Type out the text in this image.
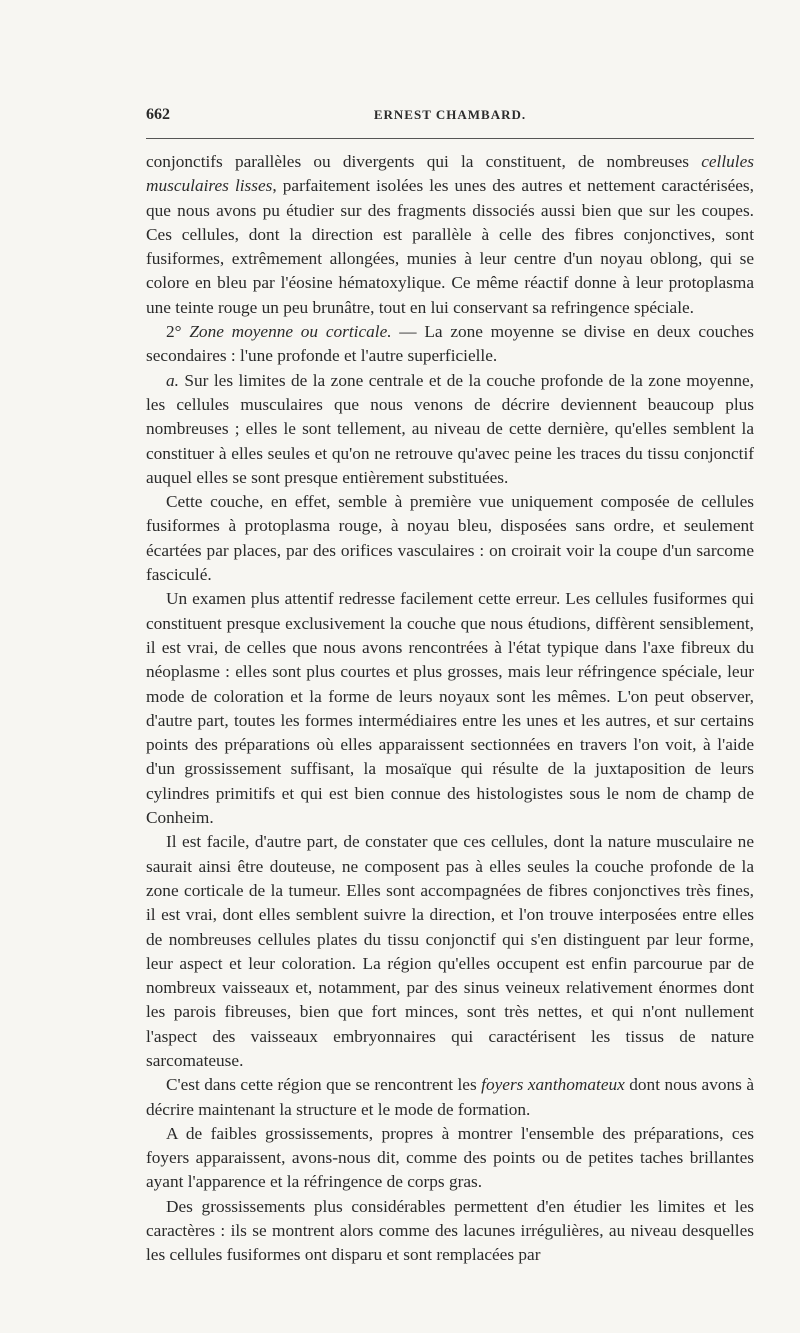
662	ERNEST CHAMBARD.

conjonctifs parallèles ou divergents qui la constituent, de nombreuses cellules musculaires lisses, parfaitement isolées les unes des autres et nettement caractérisées, que nous avons pu étudier sur des fragments dissociés aussi bien que sur les coupes. Ces cellules, dont la direction est parallèle à celle des fibres conjonctives, sont fusiformes, extrêmement allongées, munies à leur centre d'un noyau oblong, qui se colore en bleu par l'éosine hématoxylique. Ce même réactif donne à leur protoplasma une teinte rouge un peu brunâtre, tout en lui conservant sa refringence spéciale.

2° Zone moyenne ou corticale. — La zone moyenne se divise en deux couches secondaires : l'une profonde et l'autre superficielle.

a. Sur les limites de la zone centrale et de la couche profonde de la zone moyenne, les cellules musculaires que nous venons de décrire deviennent beaucoup plus nombreuses ; elles le sont tellement, au niveau de cette dernière, qu'elles semblent la constituer à elles seules et qu'on ne retrouve qu'avec peine les traces du tissu conjonctif auquel elles se sont presque entièrement substituées.

Cette couche, en effet, semble à première vue uniquement composée de cellules fusiformes à protoplasma rouge, à noyau bleu, disposées sans ordre, et seulement écartées par places, par des orifices vasculaires : on croirait voir la coupe d'un sarcome fasciculé.

Un examen plus attentif redresse facilement cette erreur. Les cellules fusiformes qui constituent presque exclusivement la couche que nous étudions, diffèrent sensiblement, il est vrai, de celles que nous avons rencontrées à l'état typique dans l'axe fibreux du néoplasme : elles sont plus courtes et plus grosses, mais leur réfringence spéciale, leur mode de coloration et la forme de leurs noyaux sont les mêmes. L'on peut observer, d'autre part, toutes les formes intermédiaires entre les unes et les autres, et sur certains points des préparations où elles apparaissent sectionnées en travers l'on voit, à l'aide d'un grossissement suffisant, la mosaïque qui résulte de la juxtaposition de leurs cylindres primitifs et qui est bien connue des histologistes sous le nom de champ de Conheim.

Il est facile, d'autre part, de constater que ces cellules, dont la nature musculaire ne saurait ainsi être douteuse, ne composent pas à elles seules la couche profonde de la zone corticale de la tumeur. Elles sont accompagnées de fibres conjonctives très fines, il est vrai, dont elles semblent suivre la direction, et l'on trouve interposées entre elles de nombreuses cellules plates du tissu conjonctif qui s'en distinguent par leur forme, leur aspect et leur coloration. La région qu'elles occupent est enfin parcourue par de nombreux vaisseaux et, notamment, par des sinus veineux relativement énormes dont les parois fibreuses, bien que fort minces, sont très nettes, et qui n'ont nullement l'aspect des vaisseaux embryonnaires qui caractérisent les tissus de nature sarcomateuse.

C'est dans cette région que se rencontrent les foyers xanthomateux dont nous avons à décrire maintenant la structure et le mode de formation.

A de faibles grossissements, propres à montrer l'ensemble des préparations, ces foyers apparaissent, avons-nous dit, comme des points ou de petites taches brillantes ayant l'apparence et la réfringence de corps gras.

Des grossissements plus considérables permettent d'en étudier les limites et les caractères : ils se montrent alors comme des lacunes irrégulières, au niveau desquelles les cellules fusiformes ont disparu et sont remplacées par
